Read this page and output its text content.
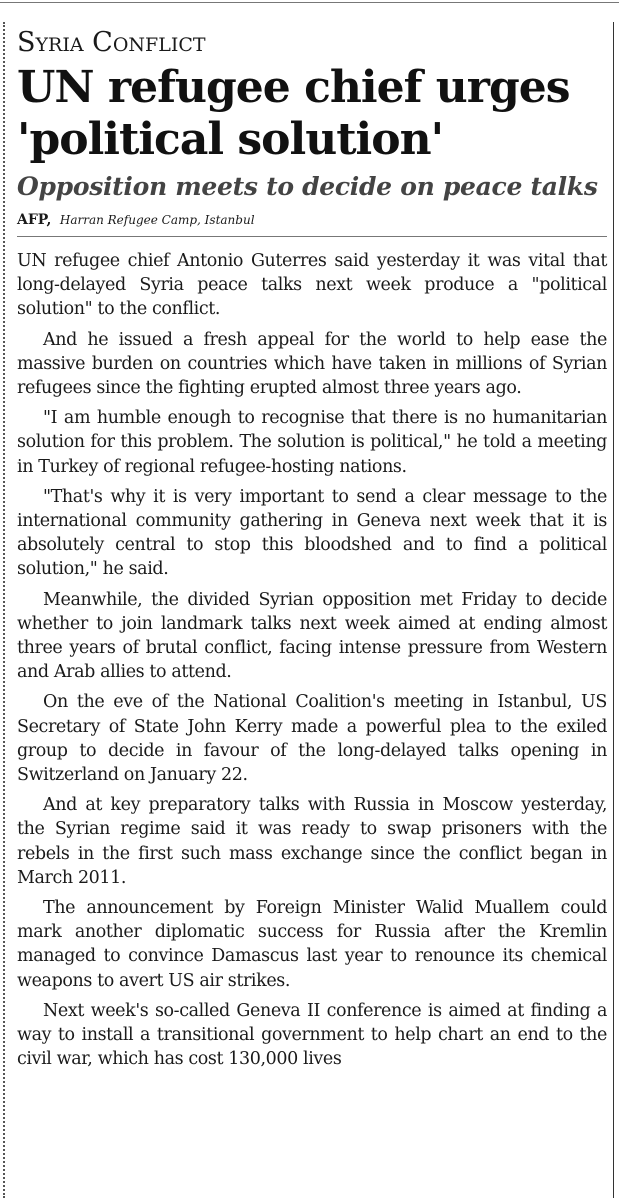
Syria Conflict
UN refugee chief urges 'political solution'
Opposition meets to decide on peace talks
AFP, Harran Refugee Camp, Istanbul

UN refugee chief Antonio Guterres said yesterday it was vital that long-delayed Syria peace talks next week produce a "political solution" to the conflict.

And he issued a fresh appeal for the world to help ease the massive burden on countries which have taken in millions of Syrian refugees since the fighting erupted almost three years ago.

"I am humble enough to recognise that there is no humanitarian solution for this problem. The solution is political," he told a meeting in Turkey of regional refugee-hosting nations.

"That's why it is very important to send a clear message to the international community gathering in Geneva next week that it is absolutely central to stop this bloodshed and to find a political solution," he said.

Meanwhile, the divided Syrian opposition met Friday to decide whether to join landmark talks next week aimed at ending almost three years of brutal conflict, facing intense pressure from Western and Arab allies to attend.

On the eve of the National Coalition's meeting in Istanbul, US Secretary of State John Kerry made a powerful plea to the exiled group to decide in favour of the long-delayed talks opening in Switzerland on January 22.

And at key preparatory talks with Russia in Moscow yesterday, the Syrian regime said it was ready to swap prisoners with the rebels in the first such mass exchange since the conflict began in March 2011.

The announcement by Foreign Minister Walid Muallem could mark another diplomatic success for Russia after the Kremlin managed to convince Damascus last year to renounce its chemical weapons to avert US air strikes.

Next week's so-called Geneva II conference is aimed at finding a way to install a transitional government to help chart an end to the civil war, which has cost 130,000 lives
